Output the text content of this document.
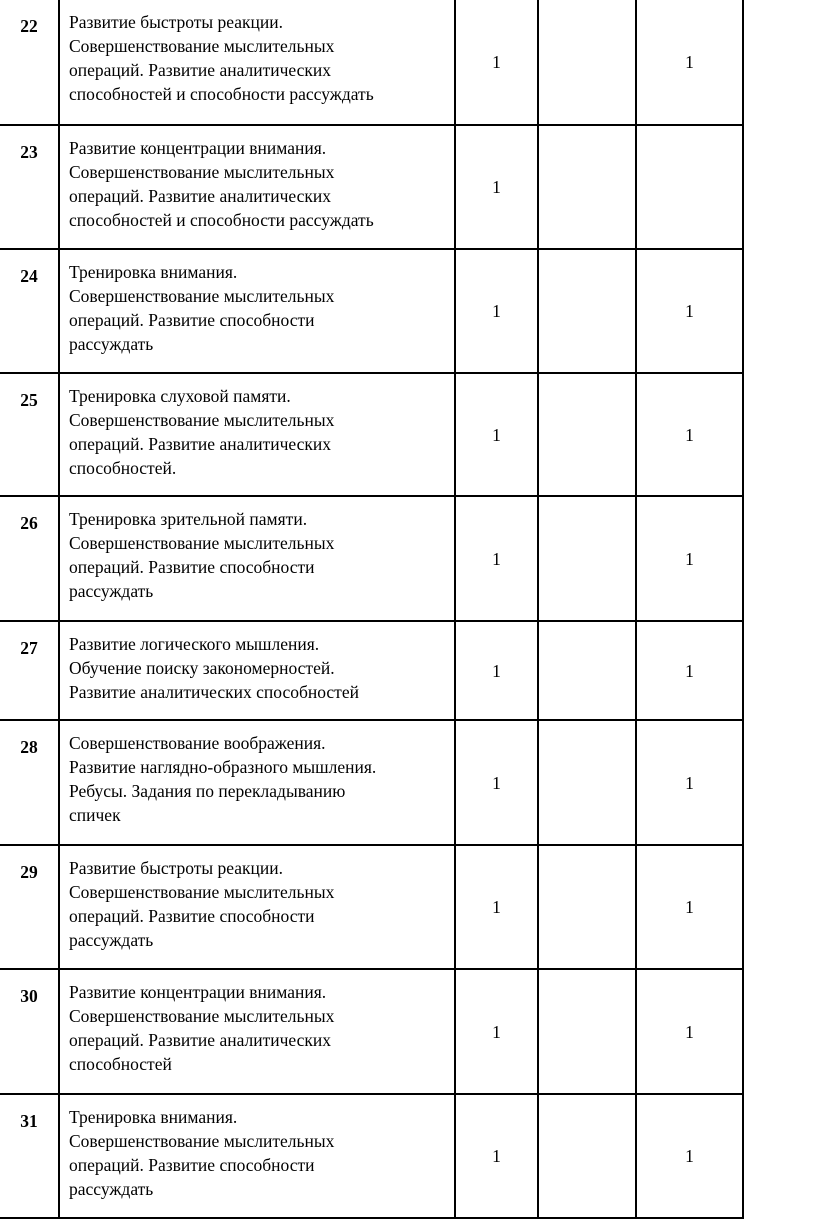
22	Развитие быстроты реакции.
Совершенствование мыслительных
операций. Развитие аналитических
способностей и способности рассуждать	1		1
23	Развитие концентрации внимания.
Совершенствование мыслительных
операций. Развитие аналитических
способностей и способности рассуждать	1		
24	Тренировка внимания.
Совершенствование мыслительных
операций. Развитие способности
рассуждать	1		1
25	Тренировка слуховой памяти.
Совершенствование мыслительных
операций. Развитие аналитических
способностей.	1		1
26	Тренировка зрительной памяти.
Совершенствование мыслительных
операций. Развитие способности
рассуждать	1		1
27	Развитие логического мышления.
Обучение поиску закономерностей.
Развитие аналитических способностей	1		1
28	Совершенствование воображения.
Развитие наглядно-образного мышления.
Ребусы. Задания по перекладыванию
спичек	1		1
29	Развитие быстроты реакции.
Совершенствование мыслительных
операций. Развитие способности
рассуждать	1		1
30	Развитие концентрации внимания.
Совершенствование мыслительных
операций. Развитие аналитических
способностей	1		1
31	Тренировка внимания.
Совершенствование мыслительных
операций. Развитие способности
рассуждать	1		1
